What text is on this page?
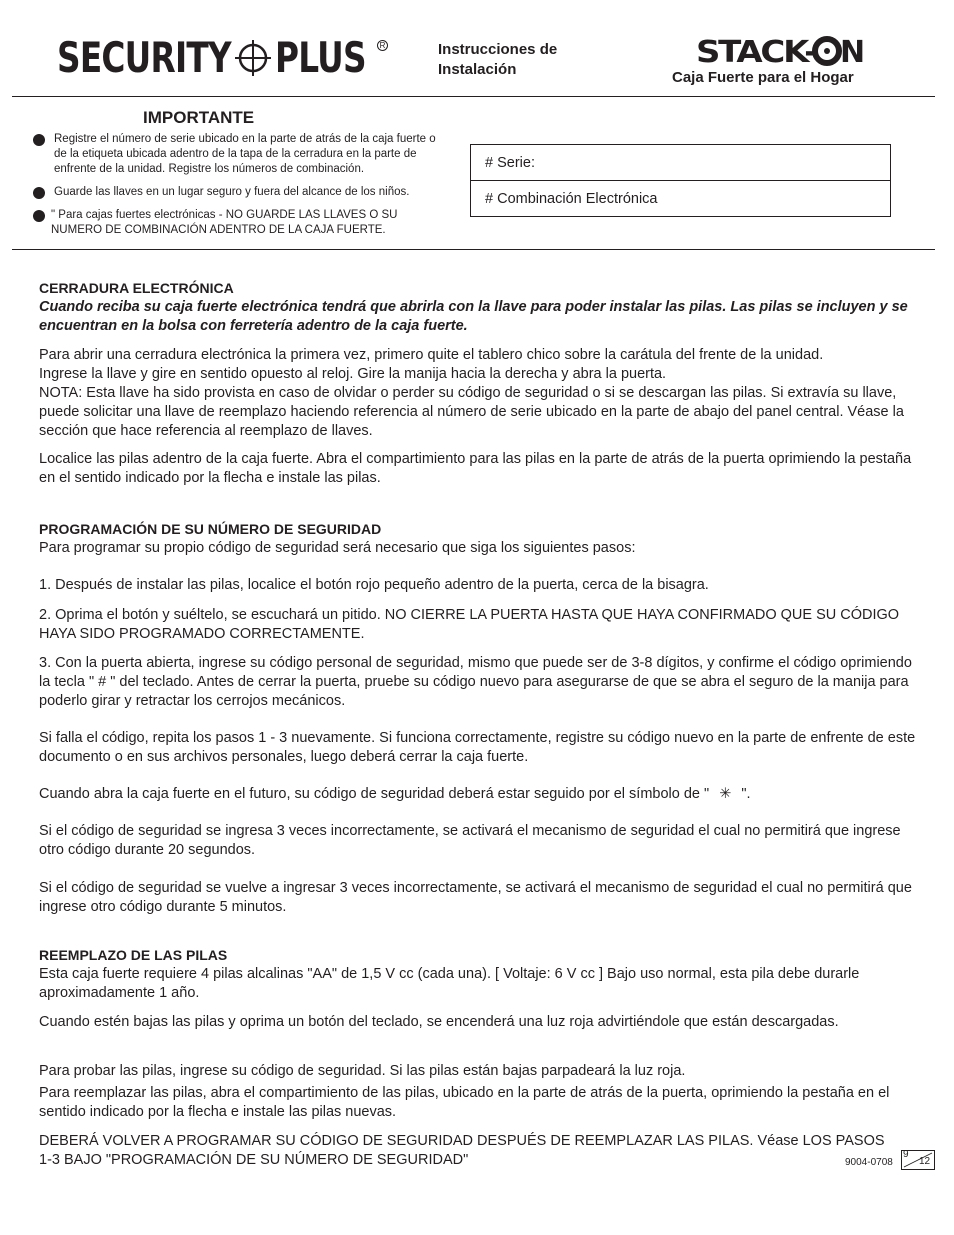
SECURITY PLUS	R	Instrucciones de
Instalación	STACK- N
Caja Fuerte para el Hogar
IMPORTANTE
Registre el número de serie ubicado en la parte de atrás de la caja fuerte o de la etiqueta ubicada adentro de la tapa de la cerradura en la parte de enfrente de la unidad. Registre los números de combinación.
Guarde las llaves en un lugar seguro y fuera del alcance de los niños.
" Para cajas fuertes electrónicas - NO GUARDE LAS LLAVES O SU NUMERO DE COMBINACIÓN ADENTRO DE LA CAJA FUERTE.
# Serie:
# Combinación Electrónica

CERRADURA ELECTRÓNICA

Cuando reciba su caja fuerte electrónica tendrá que abrirla con la llave para poder instalar las pilas. Las pilas se incluyen y se encuentran en la bolsa con ferretería adentro de la caja fuerte.

Para abrir una cerradura electrónica la primera vez, primero quite el tablero chico sobre la carátula del frente de la unidad.

Ingrese la llave y gire en sentido opuesto al reloj. Gire la manija hacia la derecha y abra la puerta.

NOTA: Esta llave ha sido provista en caso de olvidar o perder su código de seguridad o si se descargan las pilas. Si extravía su llave, puede solicitar una llave de reemplazo haciendo referencia al número de serie ubicado en la parte de abajo del panel central. Véase la sección que hace referencia al reemplazo de llaves.

Localice las pilas adentro de la caja fuerte. Abra el compartimiento para las pilas en la parte de atrás de la puerta oprimiendo la pestaña en el sentido indicado por la flecha e instale las pilas.

PROGRAMACIÓN DE SU NÚMERO DE SEGURIDAD

Para programar su propio código de seguridad será necesario que siga los siguientes pasos:

1. Después de instalar las pilas, localice el botón rojo pequeño adentro de la puerta, cerca de la bisagra.

2. Oprima el botón y suéltelo, se escuchará un pitido. NO CIERRE LA PUERTA HASTA QUE HAYA CONFIRMADO QUE SU CÓDIGO HAYA SIDO PROGRAMADO CORRECTAMENTE.

3. Con la puerta abierta, ingrese su código personal de seguridad, mismo que puede ser de 3-8 dígitos, y confirme el código oprimiendo la tecla " # " del teclado. Antes de cerrar la puerta, pruebe su código nuevo para asegurarse de que se abra el seguro de la manija para poderlo girar y retractar los cerrojos mecánicos.

Si falla el código, repita los pasos 1 - 3 nuevamente. Si funciona correctamente, registre su código nuevo en la parte de enfrente de este documento o en sus archivos personales, luego deberá cerrar la caja fuerte.

Cuando abra la caja fuerte en el futuro, su código de seguridad deberá estar seguido por el símbolo de " ✳ ".

Si el código de seguridad se ingresa 3 veces incorrectamente, se activará el mecanismo de seguridad el cual no permitirá que ingrese otro código durante 20 segundos.

Si el código de seguridad se vuelve a ingresar 3 veces incorrectamente, se activará el mecanismo de seguridad el cual no permitirá que ingrese otro código durante 5 minutos.

REEMPLAZO DE LAS PILAS

Esta caja fuerte requiere 4 pilas alcalinas "AA" de 1,5 V cc (cada una). [ Voltaje: 6 V cc ] Bajo uso normal, esta pila debe durarle aproximadamente 1 año.

Cuando estén bajas las pilas y oprima un botón del teclado, se encenderá una luz roja advirtiéndole que están descargadas.

Para probar las pilas, ingrese su código de seguridad. Si las pilas están bajas parpadeará la luz roja.

Para reemplazar las pilas, abra el compartimiento de las pilas, ubicado en la parte de atrás de la puerta, oprimiendo la pestaña en el sentido indicado por la flecha e instale las pilas nuevas.

DEBERÁ VOLVER A PROGRAMAR SU CÓDIGO DE SEGURIDAD DESPUÉS DE REEMPLAZAR LAS PILAS. Véase LOS PASOS 1-3 BAJO "PROGRAMACIÓN DE SU NÚMERO DE SEGURIDAD"	9004-0708
9
12
